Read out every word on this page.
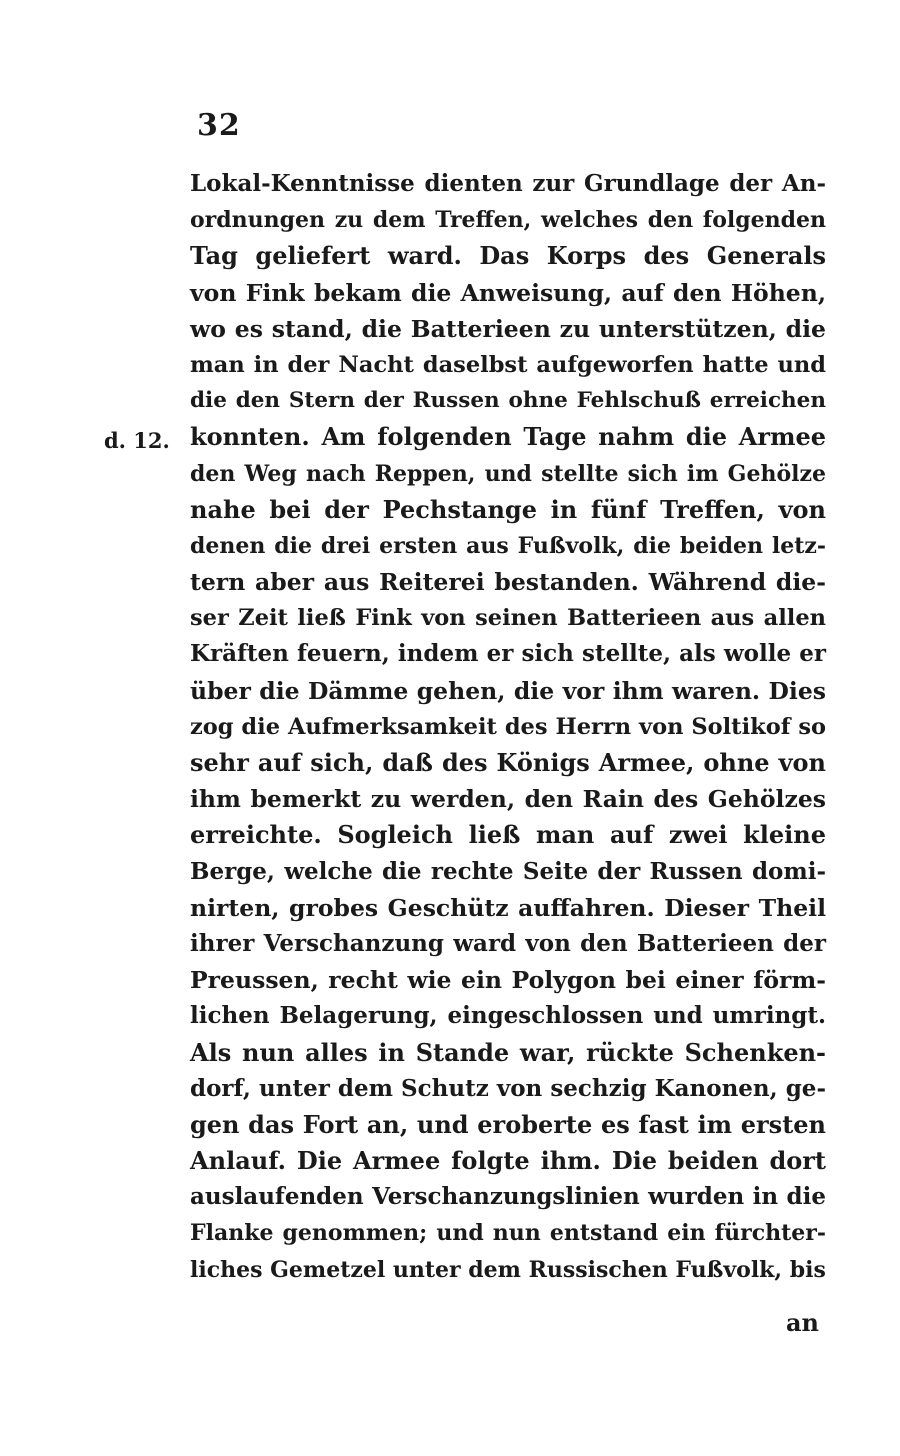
32
d. 12.
Lokal-Kenntnisse dienten zur Grundlage der An-
ordnungen zu dem Treffen, welches den folgenden
Tag geliefert ward. Das Korps des Generals
von Fink bekam die Anweisung, auf den Höhen,
wo es stand, die Batterieen zu unterstützen, die
man in der Nacht daselbst aufgeworfen hatte und
die den Stern der Russen ohne Fehlschuß erreichen
konnten. Am folgenden Tage nahm die Armee
den Weg nach Reppen, und stellte sich im Gehölze
nahe bei der Pechstange in fünf Treffen, von
denen die drei ersten aus Fußvolk, die beiden letz-
tern aber aus Reiterei bestanden. Während die-
ser Zeit ließ Fink von seinen Batterieen aus allen
Kräften feuern, indem er sich stellte, als wolle er
über die Dämme gehen, die vor ihm waren. Dies
zog die Aufmerksamkeit des Herrn von Soltikof so
sehr auf sich, daß des Königs Armee, ohne von
ihm bemerkt zu werden, den Rain des Gehölzes
erreichte. Sogleich ließ man auf zwei kleine
Berge, welche die rechte Seite der Russen domi-
nirten, grobes Geschütz auffahren. Dieser Theil
ihrer Verschanzung ward von den Batterieen der
Preussen, recht wie ein Polygon bei einer förm-
lichen Belagerung, eingeschlossen und umringt.
Als nun alles in Stande war, rückte Schenken-
dorf, unter dem Schutz von sechzig Kanonen, ge-
gen das Fort an, und eroberte es fast im ersten
Anlauf. Die Armee folgte ihm. Die beiden dort
auslaufenden Verschanzungslinien wurden in die
Flanke genommen; und nun entstand ein fürchter-
liches Gemetzel unter dem Russischen Fußvolk, bis
an
